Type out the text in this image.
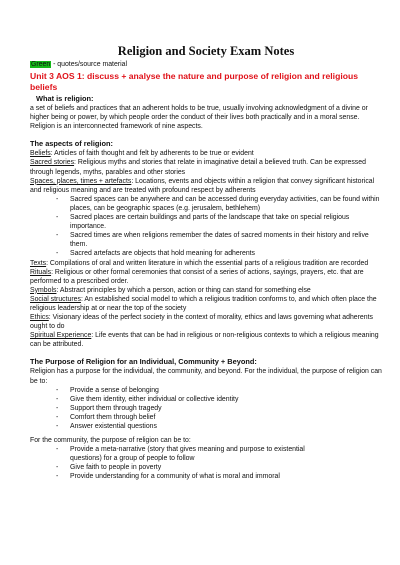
Religion and Society Exam Notes
Green - quotes/source material
Unit 3 AOS 1: discuss + analyse the nature and purpose of religion and religious beliefs
What is religion:

a set of beliefs and practices that an adherent holds to be true, usually involving acknowledgment of a divine or higher being or power, by which people order the conduct of their lives both practically and in a moral sense. Religion is an interconnected framework of nine aspects.

The aspects of religion:

Beliefs: Articles of faith thought and felt by adherents to be true or evident

Sacred stories: Religious myths and stories that relate in imaginative detail a believed truth. Can be expressed through legends, myths, parables and other stories

Spaces, places, times + artefacts: Locations, events and objects within a religion that convey significant historical and religious meaning and are treated with profound respect by adherents

- Sacred spaces can be anywhere and can be accessed during everyday activities, can be found within places, can be geographic spaces (e.g. jerusalem, bethlehem)
- Sacred places are certain buildings and parts of the landscape that take on special religious importance.
- Sacred times are when religions remember the dates of sacred moments in their history and relive them.
- Sacred artefacts are objects that hold meaning for adherents

Texts: Compilations of oral and written literature in which the essential parts of a religious tradition are recorded

Rituals: Religious or other formal ceremonies that consist of a series of actions, sayings, prayers, etc. that are performed to a prescribed order.

Symbols: Abstract principles by which a person, action or thing can stand for something else

Social structures: An established social model to which a religious tradition conforms to, and which often place the religious leadership at or near the top of the society

Ethics: Visionary ideas of the perfect society in the context of morality, ethics and laws governing what adherents ought to do

Spiritual Experience: Life events that can be had in religious or non-religious contexts to which a religious meaning can be attributed.

The Purpose of Religion for an Individual, Community + Beyond:

Religion has a purpose for the individual, the community, and beyond. For the individual, the purpose of religion can be to:

- Provide a sense of belonging
- Give them identity, either individual or collective identity
- Support them through tragedy
- Comfort them through belief
- Answer existential questions

For the community, the purpose of religion can be to:

- Provide a meta-narrative (story that gives meaning and purpose to existential questions) for a group of people to follow
- Give faith to people in poverty
- Provide understanding for a community of what is moral and immoral
